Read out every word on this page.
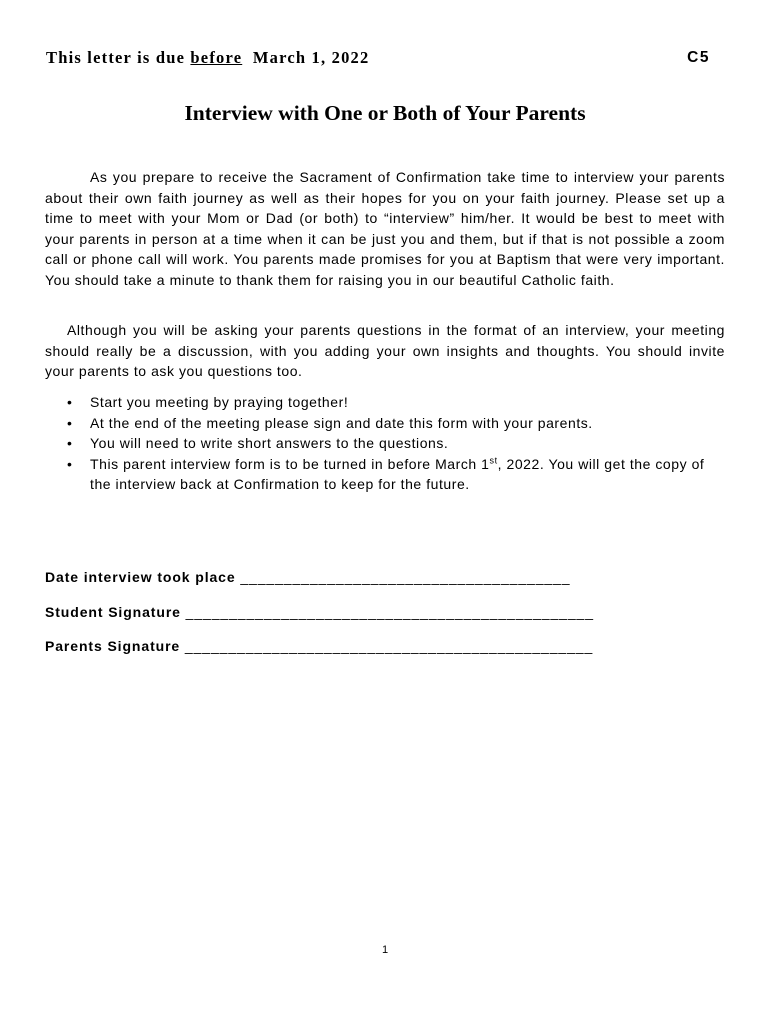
This letter is due before  March 1, 2022	C5
Interview with One or Both of Your Parents
As you prepare to receive the Sacrament of Confirmation take time to interview your parents about their own faith journey as well as their hopes for you on your faith journey. Please set up a time to meet with your Mom or Dad (or both) to “interview” him/her. It would be best to meet with your parents in person at a time when it can be just you and them, but if that is not possible a zoom call or phone call will work. You parents made promises for you at Baptism that were very important. You should take a minute to thank them for raising you in our beautiful Catholic faith.
Although you will be asking your parents questions in the format of an interview, your meeting should really be a discussion, with you adding your own insights and thoughts. You should invite your parents to ask you questions too.
• Start you meeting by praying together!
• At the end of the meeting please sign and date this form with your parents.
• You will need to write short answers to the questions.
• This parent interview form is to be turned in before March 1st, 2022. You will get the copy of the interview back at Confirmation to keep for the future.
Date interview took place ______________________________________
Student Signature _______________________________________________
Parents Signature _______________________________________________
1
